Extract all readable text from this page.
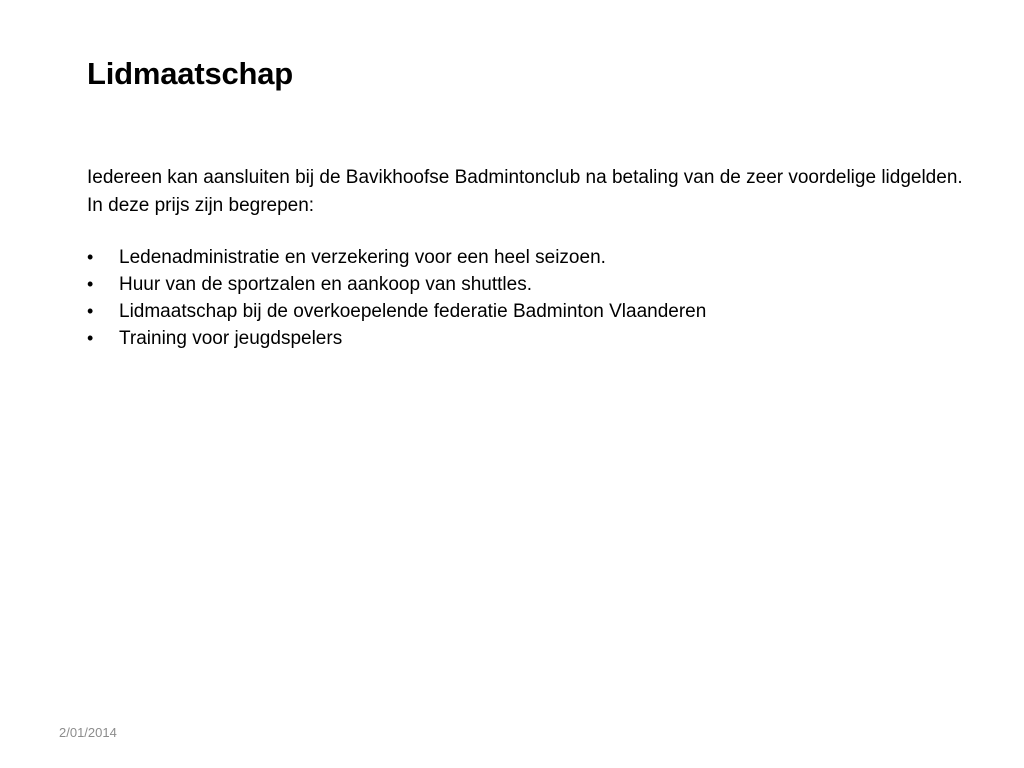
Lidmaatschap

Iedereen kan aansluiten bij de Bavikhoofse Badmintonclub na betaling van de zeer voordelige lidgelden. In deze prijs zijn begrepen:

• Ledenadministratie en verzekering voor een heel seizoen.
• Huur van de sportzalen en aankoop van shuttles.
• Lidmaatschap bij de overkoepelende federatie Badminton Vlaanderen
• Training voor jeugdspelers
2/01/2014
